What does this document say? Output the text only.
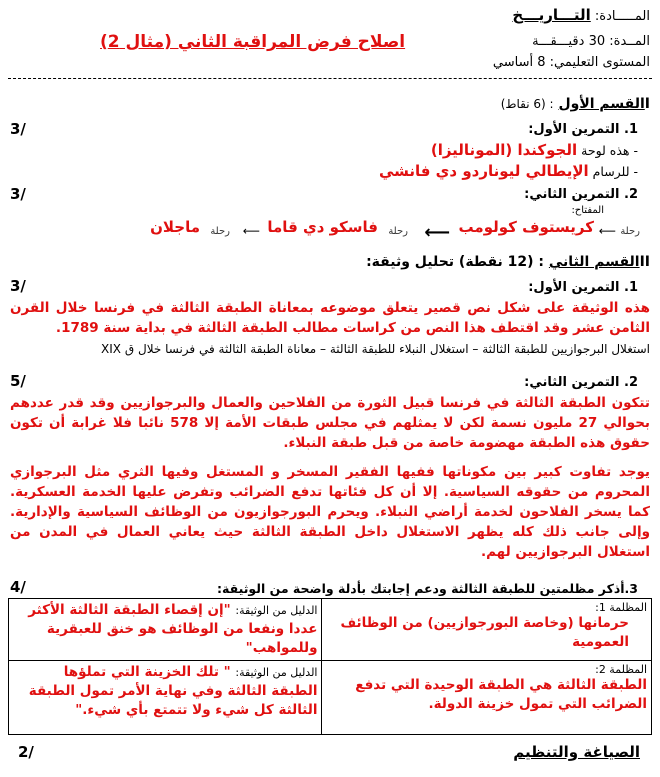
المـــــادة: التـــاريـــخ
المــدة: 30 دقيـــقـــة
المستوى التعليمي: 8 أساسي
اصلاح فرض المراقبة الثاني (مثال 2)
Iالقسم الأول : (6 نقاط)
1. التمرين الأول:
3/
- هذه لوحة الجوكندا (الموناليزا)
- للرسام الإيطالي ليوناردو دي فانشي
2. التمرين الثاني:
3/
المفتاح:
رحلة
⟵
كريستوف كولومب
⟵
رحلة
فاسكو دي قاما
⟵
رحلة
ماجلان
IIالقسم الثاني : (12 نقطة) تحليل وثيقة:
1. التمرين الأول:
3/
هذه الوثيقة على شكل نص قصير يتعلق موضوعه بمعاناة الطبقة الثالثة في فرنسا خلال القرن الثامن عشر وقد اقتطف هذا النص من كراسات مطالب الطبقة الثالثة في بداية سنة 1789.
استغلال البرجوازيين للطبقة الثالثة – استغلال النبلاء للطبقة الثالثة – معاناة الطبقة الثالثة في فرنسا خلال ق XIX
2. التمرين الثاني:
5/
تتكون الطبقة الثالثة في فرنسا قبيل الثورة من الفلاحين والعمال والبرجوازيين وقد قدر عددهم بحوالي 27 مليون نسمة لكن لا يمثلهم في مجلس طبقات الأمة إلا 578 نائبا فلا غرابة أن تكون حقوق هذه الطبقة مهضومة خاصة من قبل طبقة النبلاء.
يوجد تفاوت كبير بين مكوناتها ففيها الفقير المسخر و المستغل وفيها الثري مثل البرجوازي المحروم من حقوقه السياسية. إلا أن كل فئاتها تدفع الضرائب وتفرض عليها الخدمة العسكرية. كما يسخر الفلاحون لخدمة أراضي النبلاء. ويحرم البورجوازيون من الوظائف السياسية والإدارية. وإلى جانب ذلك كله يظهر الاستغلال داخل الطبقة الثالثة حيث يعاني العمال في المدن من استغلال البرجوازيين لهم.
3.أذكر مظلمتين للطبقة الثالثة ودعم إجابتك بأدلة واضحة من الوثيقة:
4/
المظلمة 1:
حرمانها (وخاصة البورجوازيين) من الوظائف العمومية	الدليل من الوثيقة: "إن إقصاء الطبقة الثالثة الأكثر عددا ونفعا من الوظائف هو خنق للعبقرية وللمواهب"

المظلمة 2:
الطبقة الثالثة هي الطبقة الوحيدة التي تدفع الضرائب التي تمول خزينة الدولة.	الدليل من الوثيقة: " تلك الخزينة التي تملؤها الطبقة الثالثة وفي نهاية الأمر تمول الطبقة الثالثة كل شيء ولا تتمتع بأي شيء."
الصياغة والتنظيم
2/
